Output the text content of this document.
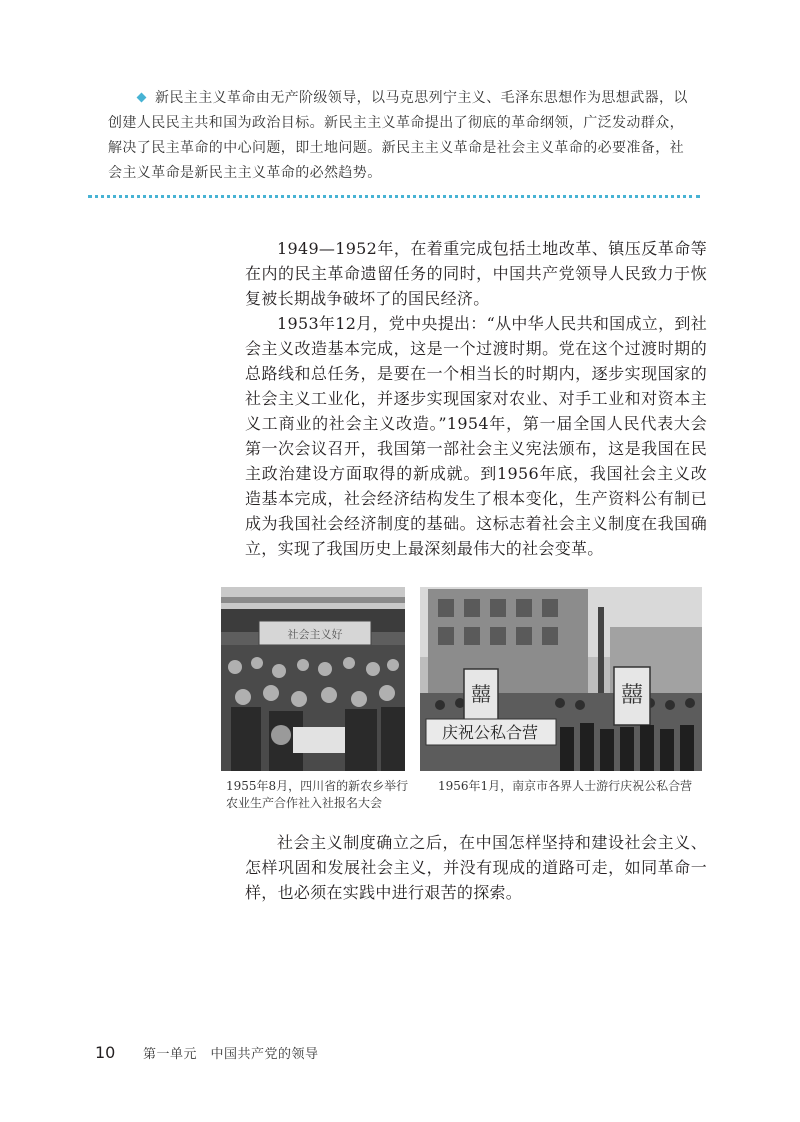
新民主主义革命由无产阶级领导，以马克思列宁主义、毛泽东思想作为思想武器，以创建人民民主共和国为政治目标。新民主主义革命提出了彻底的革命纲领，广泛发动群众，解决了民主革命的中心问题，即土地问题。新民主主义革命是社会主义革命的必要准备，社会主义革命是新民主主义革命的必然趋势。

1949—1952年，在着重完成包括土地改革、镇压反革命等在内的民主革命遗留任务的同时，中国共产党领导人民致力于恢复被长期战争破坏了的国民经济。

1953年12月，党中央提出：“从中华人民共和国成立，到社会主义改造基本完成，这是一个过渡时期。党在这个过渡时期的总路线和总任务，是要在一个相当长的时期内，逐步实现国家的社会主义工业化，并逐步实现国家对农业、对手工业和对资本主义工商业的社会主义改造。”1954年，第一届全国人民代表大会第一次会议召开，我国第一部社会主义宪法颁布，这是我国在民主政治建设方面取得的新成就。到1956年底，我国社会主义改造基本完成，社会经济结构发生了根本变化，生产资料公有制已成为我国社会经济制度的基础。这标志着社会主义制度在我国确立，实现了我国历史上最深刻最伟大的社会变革。

社会主义好
1955年8月，四川省的新农乡举行农业生产合作社入社报名大会
囍	囍
庆祝公私合营
1956年1月，南京市各界人士游行庆祝公私合营

社会主义制度确立之后，在中国怎样坚持和建设社会主义、怎样巩固和发展社会主义，并没有现成的道路可走，如同革命一样，也必须在实践中进行艰苦的探索。

10	第一单元　中国共产党的领导
